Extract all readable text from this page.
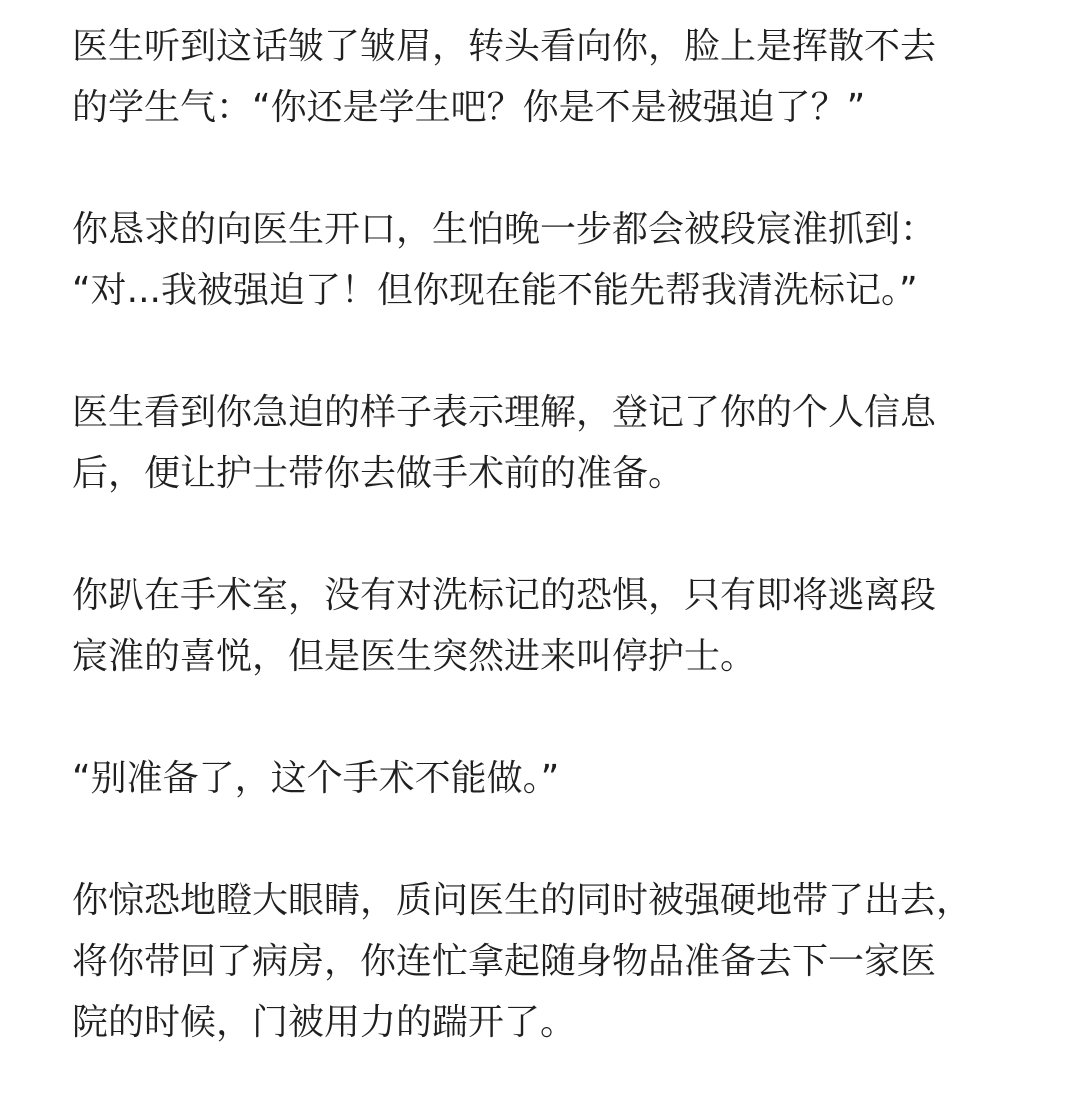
医生听到这话皱了皱眉，转头看向你，脸上是挥散不去
的学生气：“你还是学生吧？你是不是被强迫了？”

你恳求的向医生开口，生怕晚一步都会被段宸淮抓到：
“对...我被强迫了！但你现在能不能先帮我清洗标记。”

医生看到你急迫的样子表示理解，登记了你的个人信息
后，便让护士带你去做手术前的准备。

你趴在手术室，没有对洗标记的恐惧，只有即将逃离段
宸淮的喜悦，但是医生突然进来叫停护士。

“别准备了，这个手术不能做。”

你惊恐地瞪大眼睛，质问医生的同时被强硬地带了出去，
将你带回了病房，你连忙拿起随身物品准备去下一家医
院的时候，门被用力的踹开了。
